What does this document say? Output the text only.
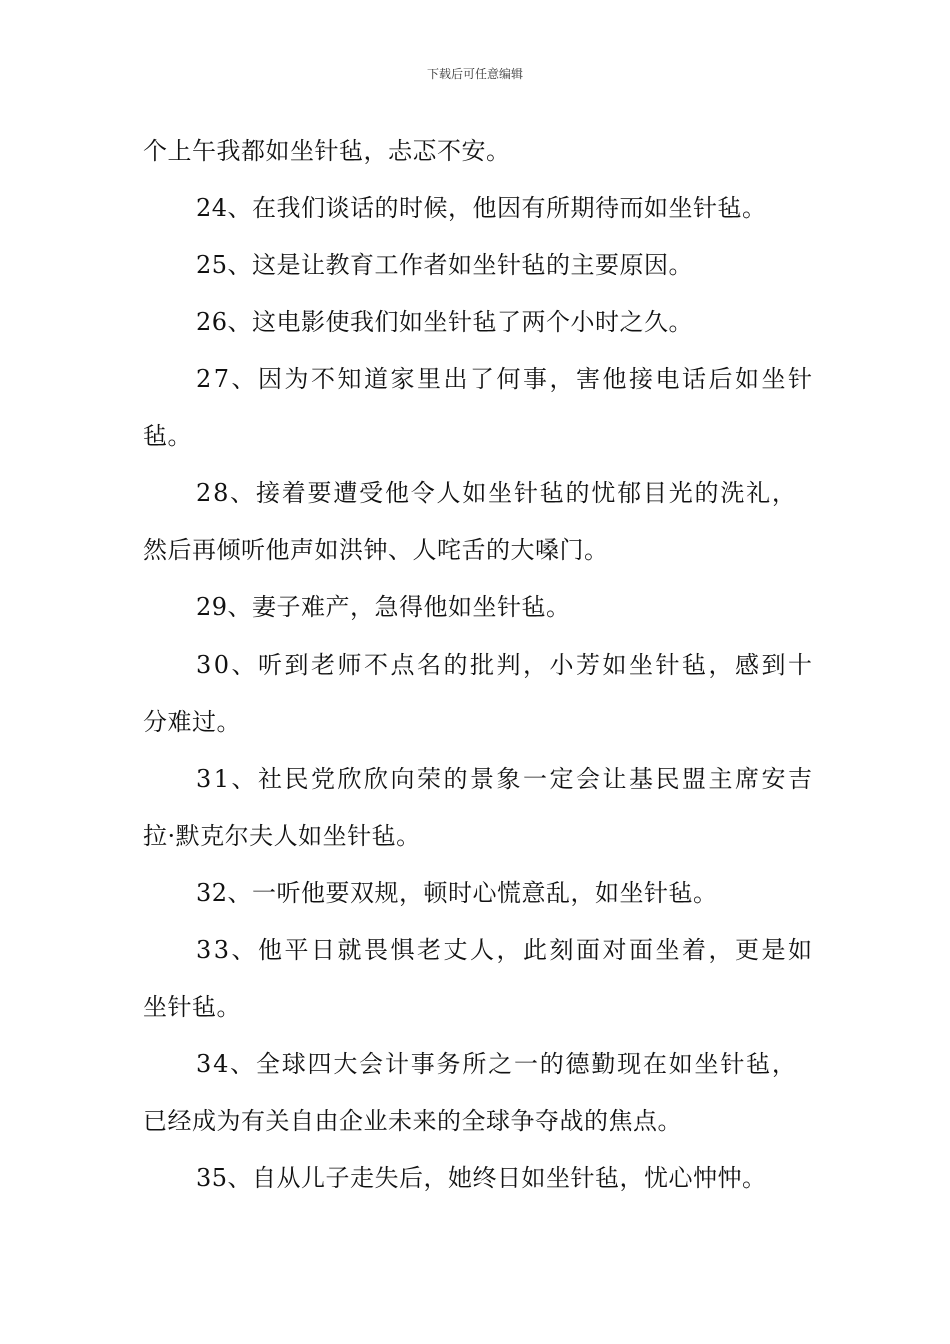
下载后可任意编辑
个上午我都如坐针毡，忐忑不安。
24、在我们谈话的时候，他因有所期待而如坐针毡。
25、这是让教育工作者如坐针毡的主要原因。
26、这电影使我们如坐针毡了两个小时之久。
27、因为不知道家里出了何事，害他接电话后如坐针
毡。
28、接着要遭受他令人如坐针毡的忧郁目光的洗礼，
然后再倾听他声如洪钟、人咤舌的大嗓门。
29、妻子难产，急得他如坐针毡。
30、听到老师不点名的批判，小芳如坐针毡，感到十
分难过。
31、社民党欣欣向荣的景象一定会让基民盟主席安吉
拉·默克尔夫人如坐针毡。
32、一听他要双规，顿时心慌意乱，如坐针毡。
33、他平日就畏惧老丈人，此刻面对面坐着，更是如
坐针毡。
34、全球四大会计事务所之一的德勤现在如坐针毡，
已经成为有关自由企业未来的全球争夺战的焦点。
35、自从儿子走失后，她终日如坐针毡，忧心忡忡。
